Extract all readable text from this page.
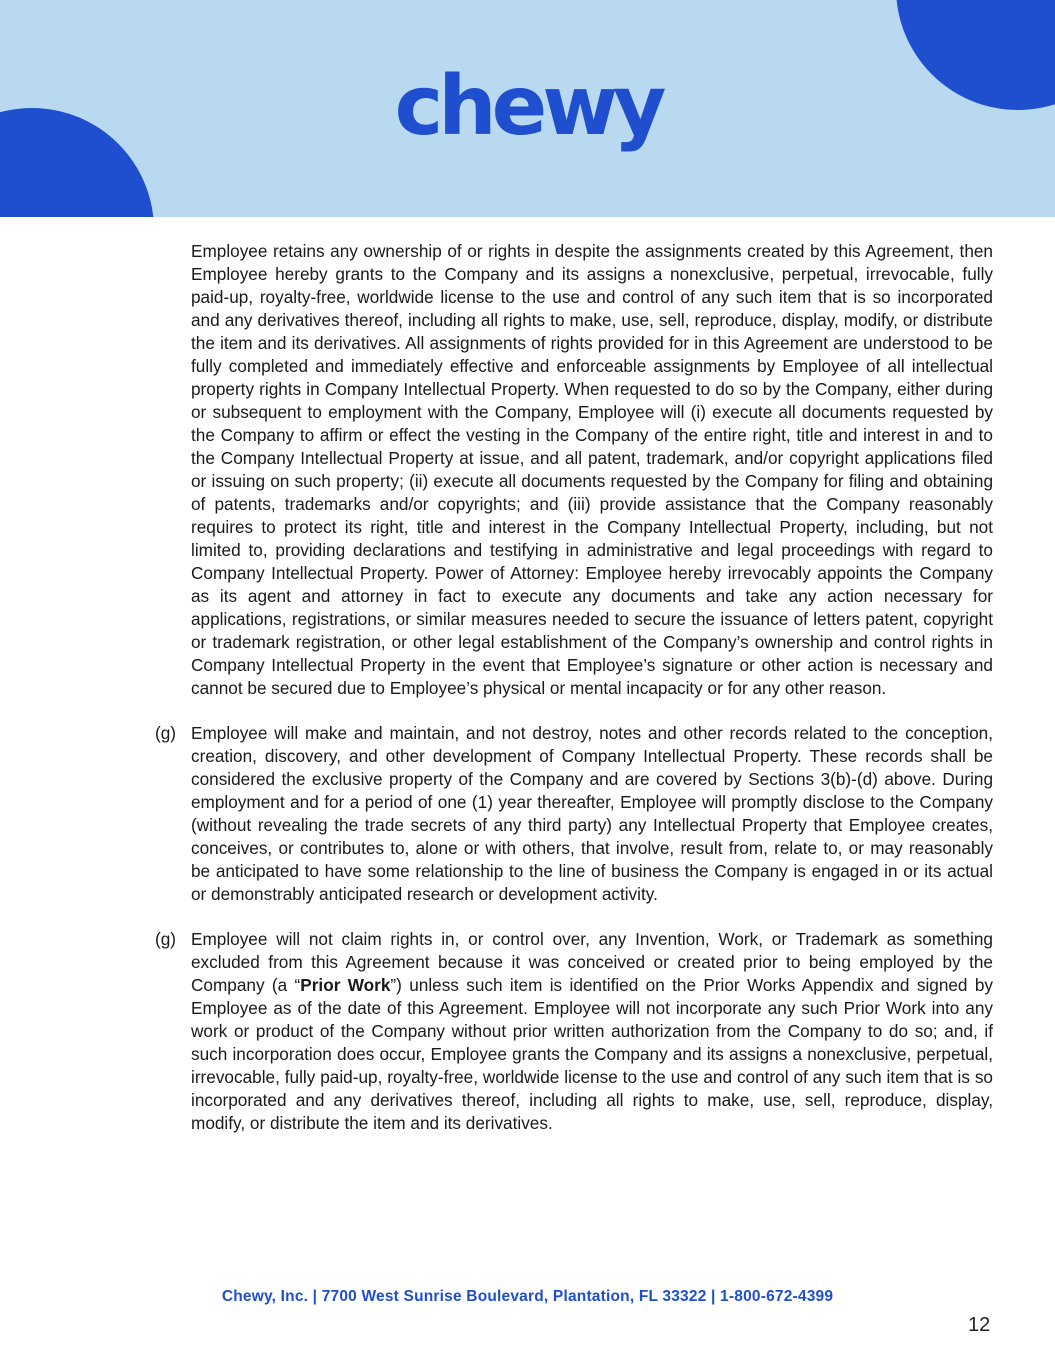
chewy

Employee retains any ownership of or rights in despite the assignments created by this Agreement, then Employee hereby grants to the Company and its assigns a nonexclusive, perpetual, irrevocable, fully paid-up, royalty-free, worldwide license to the use and control of any such item that is so incorporated and any derivatives thereof, including all rights to make, use, sell, reproduce, display, modify, or distribute the item and its derivatives. All assignments of rights provided for in this Agreement are understood to be fully completed and immediately effective and enforceable assignments by Employee of all intellectual property rights in Company Intellectual Property. When requested to do so by the Company, either during or subsequent to employment with the Company, Employee will (i) execute all documents requested by the Company to affirm or effect the vesting in the Company of the entire right, title and interest in and to the Company Intellectual Property at issue, and all patent, trademark, and/or copyright applications filed or issuing on such property; (ii) execute all documents requested by the Company for filing and obtaining of patents, trademarks and/or copyrights; and (iii) provide assistance that the Company reasonably requires to protect its right, title and interest in the Company Intellectual Property, including, but not limited to, providing declarations and testifying in administrative and legal proceedings with regard to Company Intellectual Property. Power of Attorney: Employee hereby irrevocably appoints the Company as its agent and attorney in fact to execute any documents and take any action necessary for applications, registrations, or similar measures needed to secure the issuance of letters patent, copyright or trademark registration, or other legal establishment of the Company’s ownership and control rights in Company Intellectual Property in the event that Employee’s signature or other action is necessary and cannot be secured due to Employee’s physical or mental incapacity or for any other reason.

(g) Employee will make and maintain, and not destroy, notes and other records related to the conception, creation, discovery, and other development of Company Intellectual Property. These records shall be considered the exclusive property of the Company and are covered by Sections 3(b)-(d) above. During employment and for a period of one (1) year thereafter, Employee will promptly disclose to the Company (without revealing the trade secrets of any third party) any Intellectual Property that Employee creates, conceives, or contributes to, alone or with others, that involve, result from, relate to, or may reasonably be anticipated to have some relationship to the line of business the Company is engaged in or its actual or demonstrably anticipated research or development activity.

(g) Employee will not claim rights in, or control over, any Invention, Work, or Trademark as something excluded from this Agreement because it was conceived or created prior to being employed by the Company (a “Prior Work”) unless such item is identified on the Prior Works Appendix and signed by Employee as of the date of this Agreement. Employee will not incorporate any such Prior Work into any work or product of the Company without prior written authorization from the Company to do so; and, if such incorporation does occur, Employee grants the Company and its assigns a nonexclusive, perpetual, irrevocable, fully paid-up, royalty-free, worldwide license to the use and control of any such item that is so incorporated and any derivatives thereof, including all rights to make, use, sell, reproduce, display, modify, or distribute the item and its derivatives.

Chewy, Inc. | 7700 West Sunrise Boulevard, Plantation, FL 33322 | 1-800-672-4399
12
